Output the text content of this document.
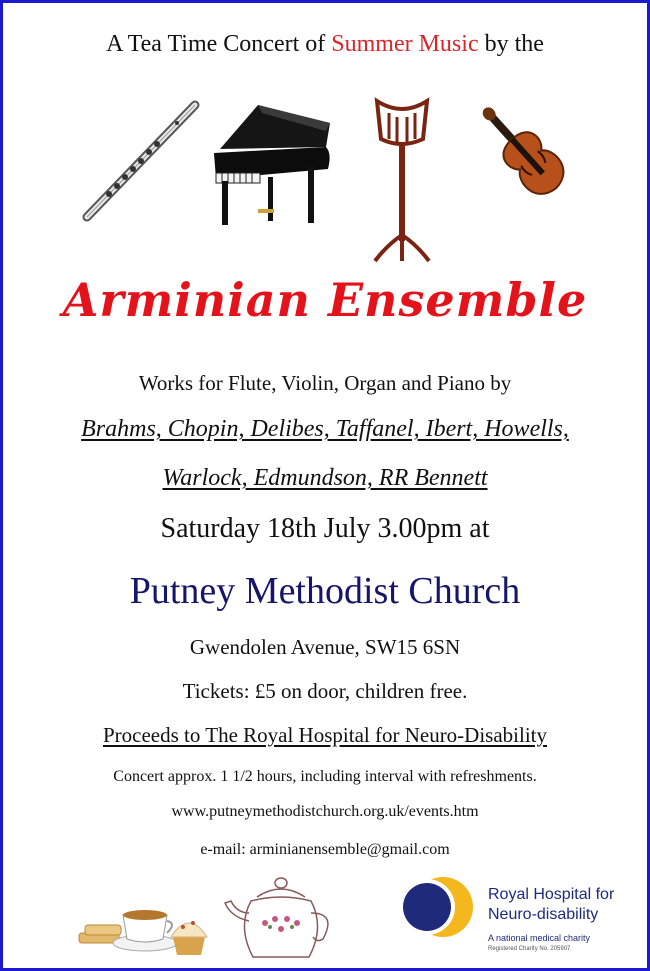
A Tea Time Concert of Summer Music by the
Arminian Ensemble
Works for Flute, Violin, Organ and Piano by
Brahms, Chopin, Delibes, Taffanel, Ibert, Howells,
Warlock, Edmundson, RR Bennett
Saturday 18th July 3.00pm at
Putney Methodist Church
Gwendolen Avenue, SW15 6SN
Tickets: £5 on door, children free.
Proceeds to The Royal Hospital for Neuro-Disability
Concert approx. 1 1/2 hours, including interval with refreshments.
www.putneymethodistchurch.org.uk/events.htm
e-mail: arminianensemble@gmail.com
Royal Hospital for
Neuro-disability
A national medical charity
Registered Charity No. 205907
